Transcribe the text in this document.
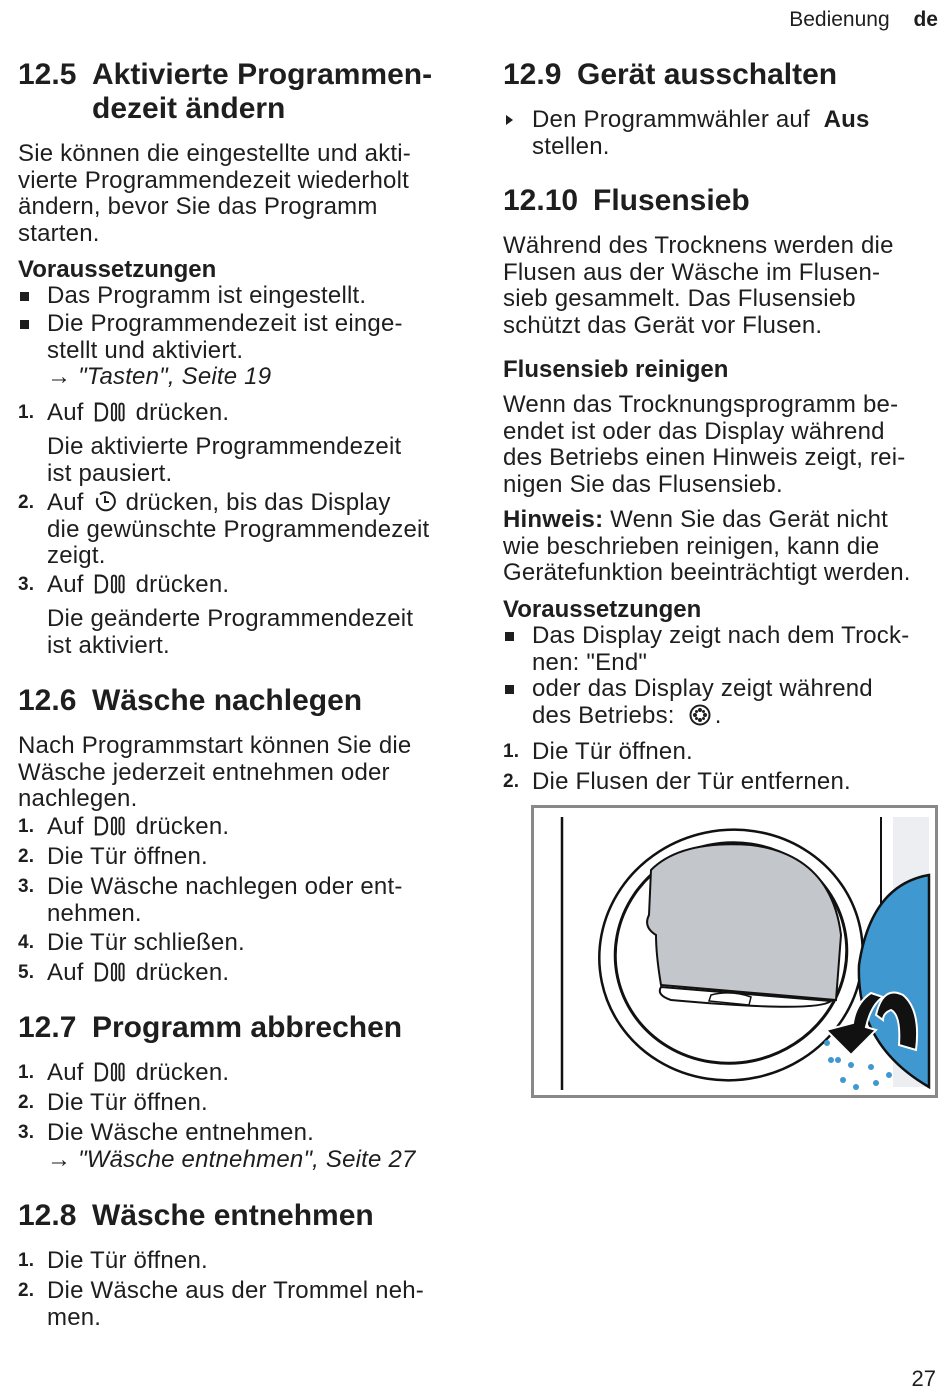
Bedienung de
12.5 Aktivierte Programmen-
dezeit ändern
Sie können die eingestellte und akti-
vierte Programmendezeit wiederholt
ändern, bevor Sie das Programm
starten.
Voraussetzungen
Das Programm ist eingestellt.
Die Programmendezeit ist einge-
stellt und aktiviert.
→ "Tasten", Seite 19
1. Auf drücken.
Die aktivierte Programmendezeit
ist pausiert.
2. Auf drücken, bis das Display
die gewünschte Programmendezeit
zeigt.
3. Auf drücken.
Die geänderte Programmendezeit
ist aktiviert.
12.6 Wäsche nachlegen
Nach Programmstart können Sie die
Wäsche jederzeit entnehmen oder
nachlegen.
1. Auf drücken.
2. Die Tür öffnen.
3. Die Wäsche nachlegen oder ent-
nehmen.
4. Die Tür schließen.
5. Auf drücken.
12.7 Programm abbrechen
1. Auf drücken.
2. Die Tür öffnen.
3. Die Wäsche entnehmen.
→ "Wäsche entnehmen", Seite 27
12.8 Wäsche entnehmen
1. Die Tür öffnen.
2. Die Wäsche aus der Trommel neh-
men.
12.9 Gerät ausschalten
Den Programmwähler auf Aus
stellen.
12.10 Flusensieb
Während des Trocknens werden die
Flusen aus der Wäsche im Flusen-
sieb gesammelt. Das Flusensieb
schützt das Gerät vor Flusen.
Flusensieb reinigen
Wenn das Trocknungsprogramm be-
endet ist oder das Display während
des Betriebs einen Hinweis zeigt, rei-
nigen Sie das Flusensieb.
Hinweis: Wenn Sie das Gerät nicht
wie beschrieben reinigen, kann die
Gerätefunktion beeinträchtigt werden.
Voraussetzungen
Das Display zeigt nach dem Trock-
nen: "End"
oder das Display zeigt während
des Betriebs: .
1. Die Tür öffnen.
2. Die Flusen der Tür entfernen.
27
